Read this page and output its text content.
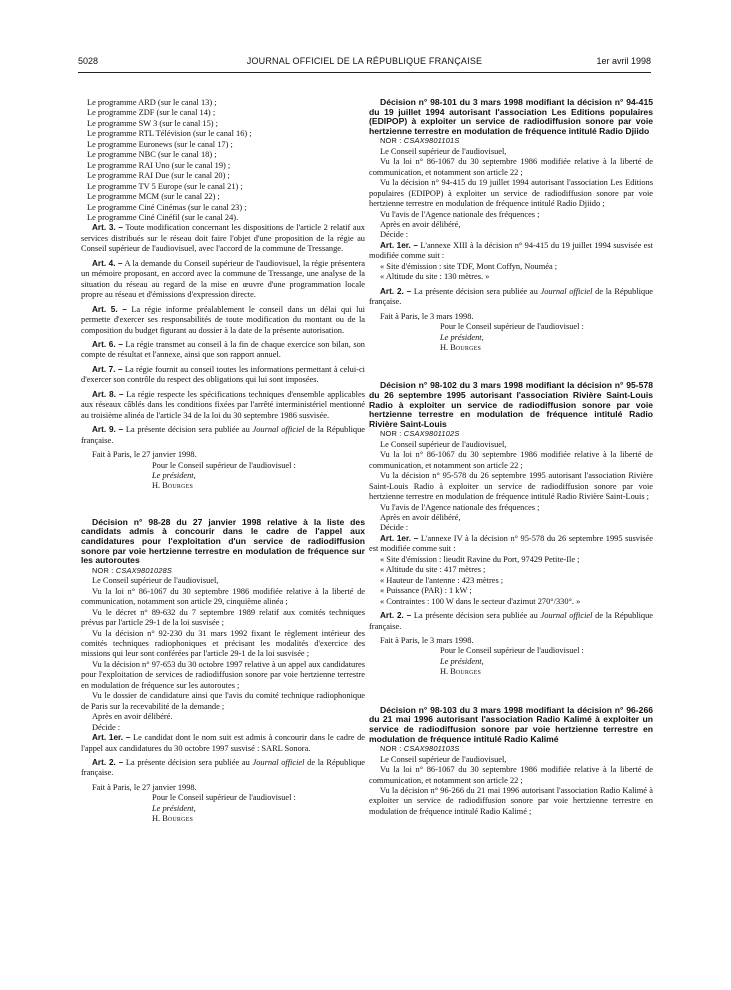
5028	JOURNAL OFFICIEL DE LA RÉPUBLIQUE FRANÇAISE	1er avril 1998

Le programme ARD (sur le canal 13) ;

Le programme ZDF (sur le canal 14) ;

Le programme SW 3 (sur le canal 15) ;

Le programme RTL Télévision (sur le canal 16) ;

Le programme Euronews (sur le canal 17) ;

Le programme NBC (sur le canal 18) ;

Le programme RAI Uno (sur le canal 19) ;

Le programme RAI Due (sur le canal 20) ;

Le programme TV 5 Europe (sur le canal 21) ;

Le programme MCM (sur le canal 22) ;

Le programme Ciné Cinémas (sur le canal 23) ;

Le programme Ciné Cinéfil (sur le canal 24).

Art. 3. – Toute modification concernant les dispositions de l'article 2 relatif aux services distribués sur le réseau doit faire l'objet d'une proposition de la régie au Conseil supérieur de l'audiovisuel, avec l'accord de la commune de Tressange.

Art. 4. – A la demande du Conseil supérieur de l'audiovisuel, la régie présentera un mémoire proposant, en accord avec la commune de Tressange, une analyse de la situation du réseau au regard de la mise en œuvre d'une programmation locale propre au réseau et d'émissions d'expression directe.

Art. 5. – La régie informe préalablement le conseil dans un délai qui lui permette d'exercer ses responsabilités de toute modification du montant ou de la composition du budget figurant au dossier à la date de la présente autorisation.

Art. 6. – La régie transmet au conseil à la fin de chaque exercice son bilan, son compte de résultat et l'annexe, ainsi que son rapport annuel.

Art. 7. – La régie fournit au conseil toutes les informations permettant à celui-ci d'exercer son contrôle du respect des obligations qui lui sont imposées.

Art. 8. – La régie respecte les spécifications techniques d'ensemble applicables aux réseaux câblés dans les conditions fixées par l'arrêté interministériel mentionné au troisième alinéa de l'article 34 de la loi du 30 septembre 1986 susvisée.

Art. 9. – La présente décision sera publiée au Journal officiel de la République française.

Fait à Paris, le 27 janvier 1998.

Pour le Conseil supérieur de l'audiovisuel :

Le président,

H. Bourges

Décision n° 98-28 du 27 janvier 1998 relative à la liste des candidats admis à concourir dans le cadre de l'appel aux candidatures pour l'exploitation d'un service de radiodiffusion sonore par voie hertzienne terrestre en modulation de fréquence sur les autoroutes

NOR : CSAX9801028S

Le Conseil supérieur de l'audiovisuel,

Vu la loi n° 86-1067 du 30 septembre 1986 modifiée relative à la liberté de communication, notamment son article 29, cinquième alinéa ;

Vu le décret n° 89-632 du 7 septembre 1989 relatif aux comités techniques prévus par l'article 29-1 de la loi susvisée ;

Vu la décision n° 92-230 du 31 mars 1992 fixant le règlement intérieur des comités techniques radiophoniques et précisant les modalités d'exercice des missions qui leur sont conférées par l'article 29-1 de la loi susvisée ;

Vu la décision n° 97-653 du 30 octobre 1997 relative à un appel aux candidatures pour l'exploitation de services de radiodiffusion sonore par voie hertzienne terrestre en modulation de fréquence sur les autoroutes ;

Vu le dossier de candidature ainsi que l'avis du comité technique radiophonique de Paris sur la recevabilité de la demande ;

Après en avoir délibéré.

Décide :

Art. 1er. – Le candidat dont le nom suit est admis à concourir dans le cadre de l'appel aux candidatures du 30 octobre 1997 susvisé : SARL Sonora.

Art. 2. – La présente décision sera publiée au Journal officiel de la République française.

Fait à Paris, le 27 janvier 1998.

Pour le Conseil supérieur de l'audiovisuel :

Le président,

H. Bourges

Décision n° 98-101 du 3 mars 1998 modifiant la décision n° 94-415 du 19 juillet 1994 autorisant l'association Les Editions populaires (EDIPOP) à exploiter un service de radiodiffusion sonore par voie hertzienne terrestre en modulation de fréquence intitulé Radio Djiido

NOR : CSAX9801101S

Le Conseil supérieur de l'audiovisuel,

Vu la loi n° 86-1067 du 30 septembre 1986 modifiée relative à la liberté de communication, et notamment son article 22 ;

Vu la décision n° 94-415 du 19 juillet 1994 autorisant l'association Les Editions populaires (EDIPOP) à exploiter un service de radiodiffusion sonore par voie hertzienne terrestre en modulation de fréquence intitulé Radio Djiido ;

Vu l'avis de l'Agence nationale des fréquences ;

Après en avoir délibéré,

Décide :

Art. 1er. – L'annexe XIII à la décision n° 94-415 du 19 juillet 1994 susvisée est modifiée comme suit :

« Site d'émission : site TDF, Mont Coffyn, Nouméa ;

« Altitude du site : 130 mètres. »

Art. 2. – La présente décision sera publiée au Journal officiel de la République française.

Fait à Paris, le 3 mars 1998.

Pour le Conseil supérieur de l'audiovisuel :

Le président,

H. Bourges

Décision n° 98-102 du 3 mars 1998 modifiant la décision n° 95-578 du 26 septembre 1995 autorisant l'association Rivière Saint-Louis Radio à exploiter un service de radiodiffusion sonore par voie hertzienne terrestre en modulation de fréquence intitulé Radio Rivière Saint-Louis

NOR : CSAX9801102S

Le Conseil supérieur de l'audiovisuel,

Vu la loi n° 86-1067 du 30 septembre 1986 modifiée relative à la liberté de communication, et notamment son article 22 ;

Vu la décision n° 95-578 du 26 septembre 1995 autorisant l'association Rivière Saint-Louis Radio à exploiter un service de radiodiffusion sonore par voie hertzienne terrestre en modulation de fréquence intitulé Radio Rivière Saint-Louis ;

Vu l'avis de l'Agence nationale des fréquences ;

Après en avoir délibéré,

Décide :

Art. 1er. – L'annexe IV à la décision n° 95-578 du 26 septembre 1995 susvisée est modifiée comme suit :

« Site d'émission : lieudit Ravine du Port, 97429 Petite-Ile ;

« Altitude du site : 417 mètres ;

« Hauteur de l'antenne : 423 mètres ;

« Puissance (PAR) : 1 kW ;

« Contraintes : 100 W dans le secteur d'azimut 270°/330°. »

Art. 2. – La présente décision sera publiée au Journal officiel de la République française.

Fait à Paris, le 3 mars 1998.

Pour le Conseil supérieur de l'audiovisuel :

Le président,

H. Bourges

Décision n° 98-103 du 3 mars 1998 modifiant la décision n° 96-266 du 21 mai 1996 autorisant l'association Radio Kalimé à exploiter un service de radiodiffusion sonore par voie hertzienne terrestre en modulation de fréquence intitulé Radio Kalimé

NOR : CSAX9801103S

Le Conseil supérieur de l'audiovisuel,

Vu la loi n° 86-1067 du 30 septembre 1986 modifiée relative à la liberté de communication, et notamment son article 22 ;

Vu la décision n° 96-266 du 21 mai 1996 autorisant l'association Radio Kalimé à exploiter un service de radiodiffusion sonore par voie hertzienne terrestre en modulation de fréquence intitulé Radio Kalimé ;
